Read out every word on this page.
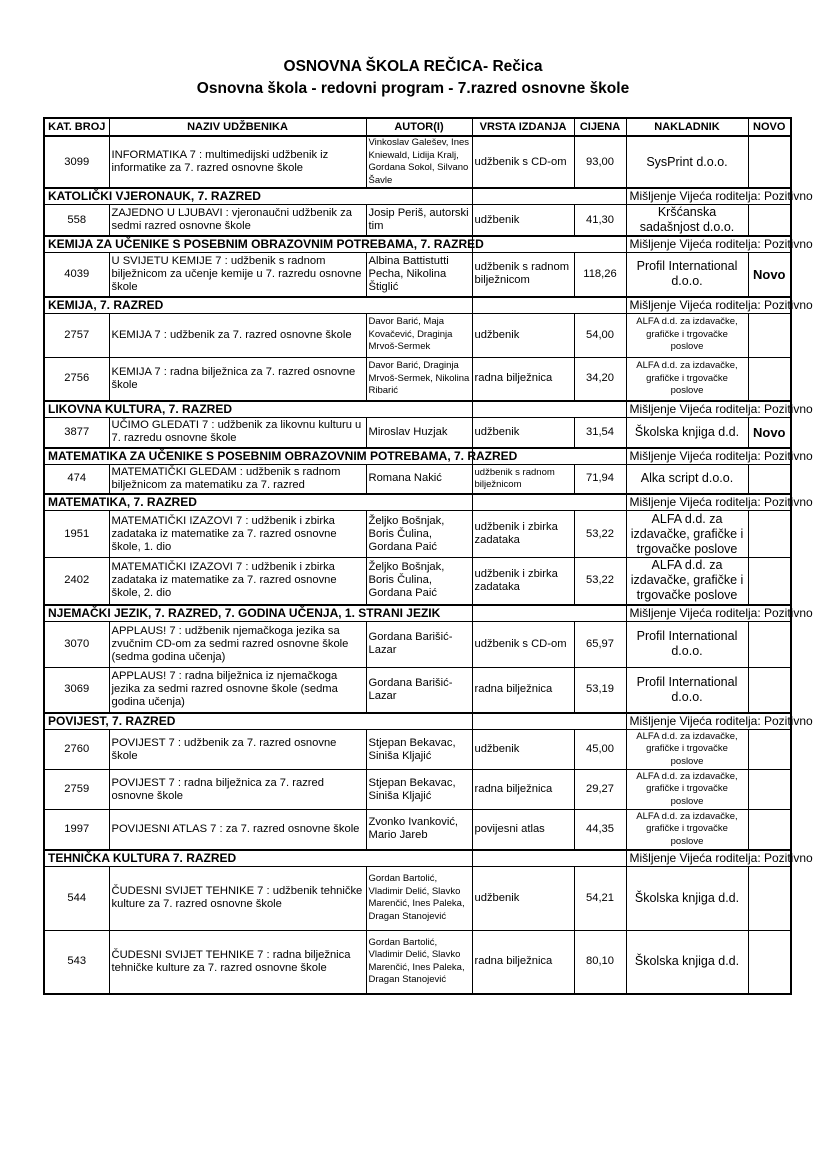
OSNOVNA ŠKOLA REČICA- Rečica
Osnovna škola - redovni program - 7.razred osnovne škole
KAT. BROJ	NAZIV UDŽBENIKA	AUTOR(I)	VRSTA IZDANJA	CIJENA	NAKLADNIK	NOVO
3099	INFORMATIKA 7 : multimedijski udžbenik iz informatike za 7. razred osnovne škole	Vinkoslav Galešev, Ines Kniewald, Lidija Kralj, Gordana Sokol, Silvano Šavle	udžbenik s CD-om	93,00	SysPrint d.o.o.	
KATOLIČKI VJERONAUK, 7. RAZRED					Mišljenje Vijeća roditelja: Pozitivno	
558	ZAJEDNO U LJUBAVI : vjeronaučni udžbenik za sedmi razred osnovne škole	Josip Periš, autorski tim	udžbenik	41,30	Kršćanska sadašnjost d.o.o.	
KEMIJA ZA UČENIKE S POSEBNIM OBRAZOVNIM POTREBAMA, 7. RAZRED					Mišljenje Vijeća roditelja: Pozitivno	
4039	U SVIJETU KEMIJE 7 : udžbenik s radnom bilježnicom za učenje kemije u 7. razredu osnovne škole	Albina Battistutti Pecha, Nikolina Štiglić	udžbenik s radnom bilježnicom	118,26	Profil International d.o.o.	Novo
KEMIJA, 7. RAZRED					Mišljenje Vijeća roditelja: Pozitivno	
2757	KEMIJA 7 : udžbenik za 7. razred osnovne škole	Davor Barić, Maja Kovačević, Draginja Mrvoš-Sermek	udžbenik	54,00	ALFA d.d. za izdavačke, grafičke i trgovačke poslove	
2756	KEMIJA 7 : radna bilježnica za 7. razred osnovne škole	Davor Barić, Draginja Mrvoš-Sermek, Nikolina Ribarić	radna bilježnica	34,20	ALFA d.d. za izdavačke, grafičke i trgovačke poslove	
LIKOVNA KULTURA, 7. RAZRED					Mišljenje Vijeća roditelja: Pozitivno	
3877	UČIMO GLEDATI 7 : udžbenik za likovnu kulturu u 7. razredu osnovne škole	Miroslav Huzjak	udžbenik	31,54	Školska knjiga d.d.	Novo
MATEMATIKA ZA UČENIKE S POSEBNIM OBRAZOVNIM POTREBAMA, 7. RAZRED					Mišljenje Vijeća roditelja: Pozitivno	
474	MATEMATIČKI GLEDAM : udžbenik s radnom bilježnicom za matematiku za 7. razred	Romana Nakić	udžbenik s radnom bilježnicom	71,94	Alka script d.o.o.	
MATEMATIKA, 7. RAZRED					Mišljenje Vijeća roditelja: Pozitivno	
1951	MATEMATIČKI IZAZOVI 7 : udžbenik i zbirka zadataka iz matematike za 7. razred osnovne škole, 1. dio	Željko Bošnjak, Boris Čulina, Gordana Paić	udžbenik i zbirka zadataka	53,22	ALFA d.d. za izdavačke, grafičke i trgovačke poslove	
2402	MATEMATIČKI IZAZOVI 7 : udžbenik i zbirka zadataka iz matematike za 7. razred osnovne škole, 2. dio	Željko Bošnjak, Boris Čulina, Gordana Paić	udžbenik i zbirka zadataka	53,22	ALFA d.d. za izdavačke, grafičke i trgovačke poslove	
NJEMAČKI JEZIK, 7. RAZRED, 7. GODINA UČENJA, 1. STRANI JEZIK					Mišljenje Vijeća roditelja: Pozitivno	
3070	APPLAUS! 7 : udžbenik njemačkoga jezika sa zvučnim CD-om za sedmi razred osnovne škole (sedma godina učenja)	Gordana Barišić-Lazar	udžbenik s CD-om	65,97	Profil International d.o.o.	
3069	APPLAUS! 7 : radna bilježnica iz njemačkoga jezika za sedmi razred osnovne škole (sedma godina učenja)	Gordana Barišić-Lazar	radna bilježnica	53,19	Profil International d.o.o.	
POVIJEST, 7. RAZRED					Mišljenje Vijeća roditelja: Pozitivno	
2760	POVIJEST 7 : udžbenik za 7. razred osnovne škole	Stjepan Bekavac, Siniša Kljajić	udžbenik	45,00	ALFA d.d. za izdavačke, grafičke i trgovačke poslove	
2759	POVIJEST 7 : radna bilježnica za 7. razred osnovne škole	Stjepan Bekavac, Siniša Kljajić	radna bilježnica	29,27	ALFA d.d. za izdavačke, grafičke i trgovačke poslove	
1997	POVIJESNI ATLAS 7 : za 7. razred osnovne škole	Zvonko Ivanković, Mario Jareb	povijesni atlas	44,35	ALFA d.d. za izdavačke, grafičke i trgovačke poslove	
TEHNIČKA KULTURA 7. RAZRED					Mišljenje Vijeća roditelja: Pozitivno	
544	ČUDESNI SVIJET TEHNIKE 7 : udžbenik tehničke kulture za 7. razred osnovne škole	Gordan Bartolić, Vladimir Delić, Slavko Marenčić, Ines Paleka, Dragan Stanojević	udžbenik	54,21	Školska knjiga d.d.	
543	ČUDESNI SVIJET TEHNIKE 7 : radna bilježnica tehničke kulture za 7. razred osnovne škole	Gordan Bartolić, Vladimir Delić, Slavko Marenčić, Ines Paleka, Dragan Stanojević	radna bilježnica	80,10	Školska knjiga d.d.	
